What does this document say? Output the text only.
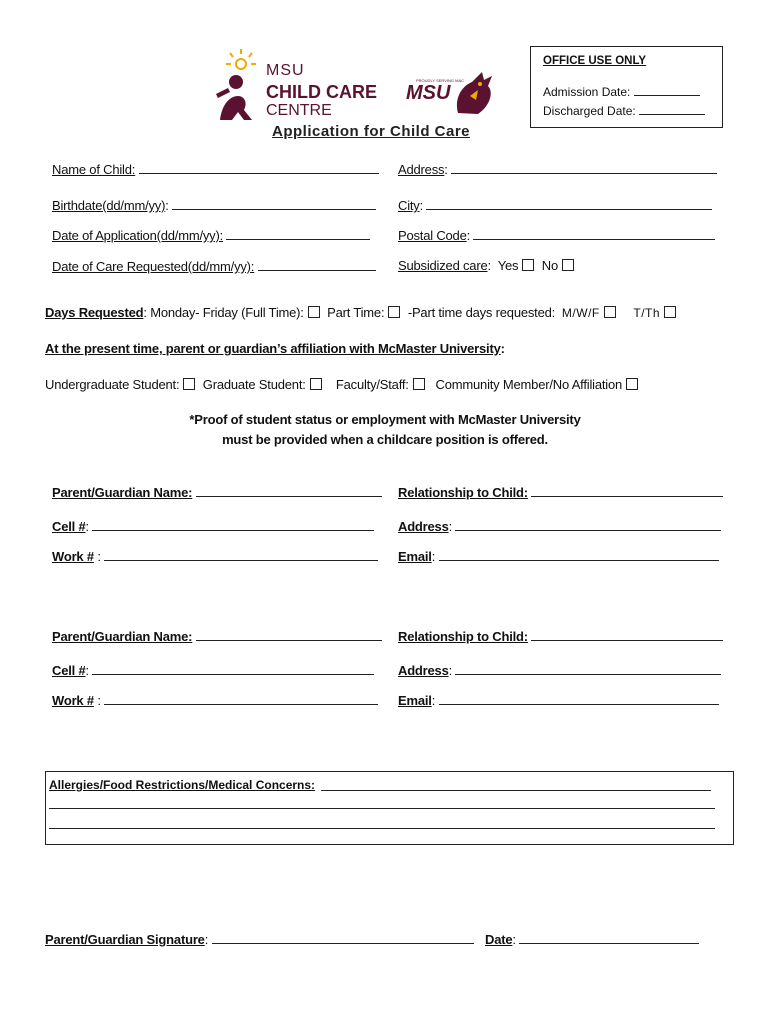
MSU
CHILD CARE
CENTRE
PROUDLY SERVING MAC
MSU
OFFICE USE ONLY
Admission Date:
Discharged Date:
Application for Child Care
Name of Child:	Address:
Birthdate(dd/mm/yy):	City:
Date of Application(dd/mm/yy):	Postal Code:
Date of Care Requested(dd/mm/yy):	Subsidized care:  Yes No
Days Requested: Monday- Friday (Full Time): Part Time: -Part time days requested: M/W/F	T/Th
At the present time, parent or guardian’s affiliation with McMaster University:
Undergraduate Student: Graduate Student: Faculty/Staff: Community Member/No Affiliation
*Proof of student status or employment with McMaster University
must be provided when a childcare position is offered.
Parent/Guardian Name:	Relationship to Child:
Cell #:	Address:
Work # :	Email:
Parent/Guardian Name:	Relationship to Child:
Cell #:	Address:
Work # :	Email:
Allergies/Food Restrictions/Medical Concerns:
Parent/Guardian Signature:	Date:
